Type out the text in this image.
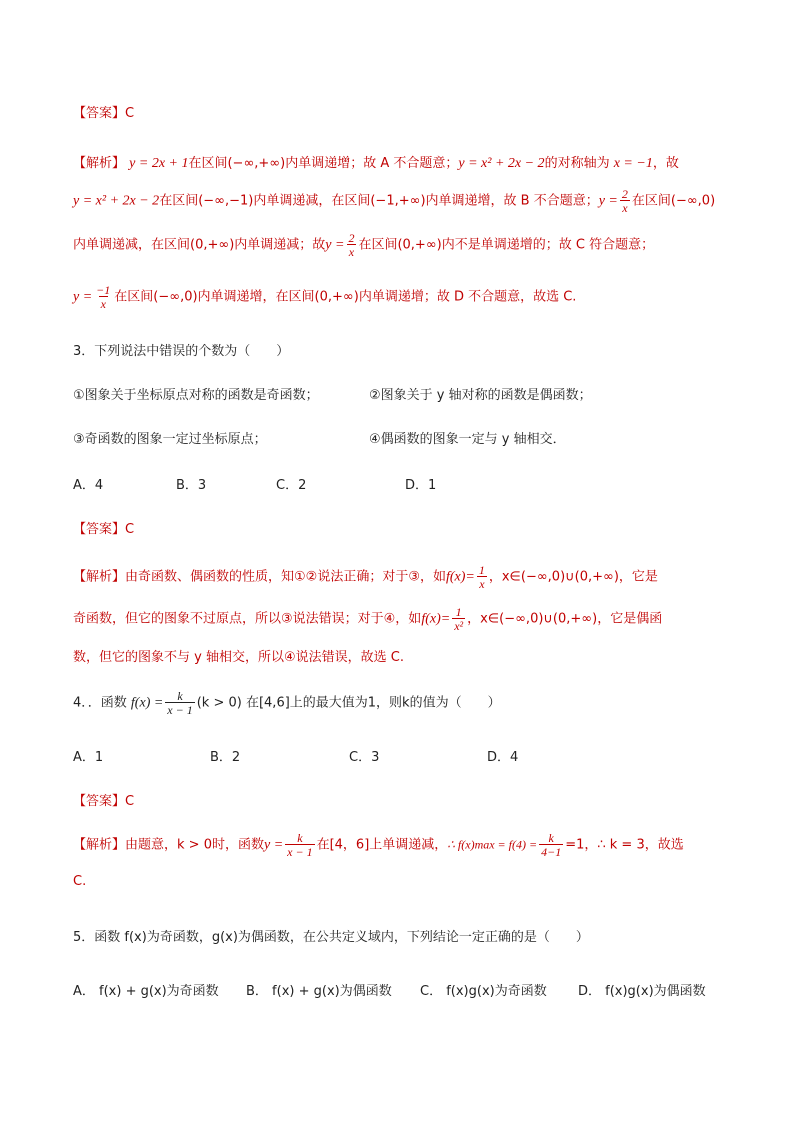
【答案】C
【解析】 y = 2x + 1在区间(−∞,+∞)内单调递增；故 A 不合题意；y = x² + 2x − 2的对称轴为 x = −1，故
y = x² + 2x − 2在区间(−∞,−1)内单调递减，在区间(−1,+∞)内单调递增，故 B 不合题意；$y = \frac{2}{x}$ 在区间(−∞,0)
内单调递减，在区间(0,+∞)内单调递减；故$y = \frac{2}{x}$ 在区间(0,+∞)内不是单调递增的；故 C 符合题意；
$y = \frac{-1}{x}$ 在区间(−∞,0)内单调递增，在区间(0,+∞)内单调递增；故 D 不合题意，故选 C.
3．下列说法中错误的个数为（　　）
①图象关于坐标原点对称的函数是奇函数；	②图象关于 y 轴对称的函数是偶函数；
③奇函数的图象一定过坐标原点；	④偶函数的图象一定与 y 轴相交．
A．4	B．3	C．2	D．1
【答案】C
【解析】由奇函数、偶函数的性质，知①②说法正确；对于③，如$f(x)= \frac{1}{x}$ ，x∈(−∞,0)∪(0,+∞)，它是
奇函数，但它的图象不过原点，所以③说法错误；对于④，如$f(x)= \frac{1}{\text{x²}}$ ，x∈(−∞,0)∪(0,+∞)，它是偶函
数，但它的图象不与 y 轴相交，所以④说法错误，故选 C.
4．．函数 $f(x) = \frac{k}{x - 1} (k > 0)$ 在[4,6]上的最大值为1，则k的值为（　　）
A．1	B．2	C．3	D．4
【答案】C
【解析】由题意，k > 0时，函数$y = \frac{k}{x - 1}$ 在[4，6]上单调递减，∴ $f(x)\max = f(4) = \frac{k}{4-1} =1$，∴ k = 3，故选
C.
5．函数 f(x)为奇函数，g(x)为偶函数，在公共定义域内，下列结论一定正确的是（　　）
A． f(x) + g(x)为奇函数 B． f(x) + g(x)为偶函数 C． f(x)g(x)为奇函数 D． f(x)g(x)为偶函数
